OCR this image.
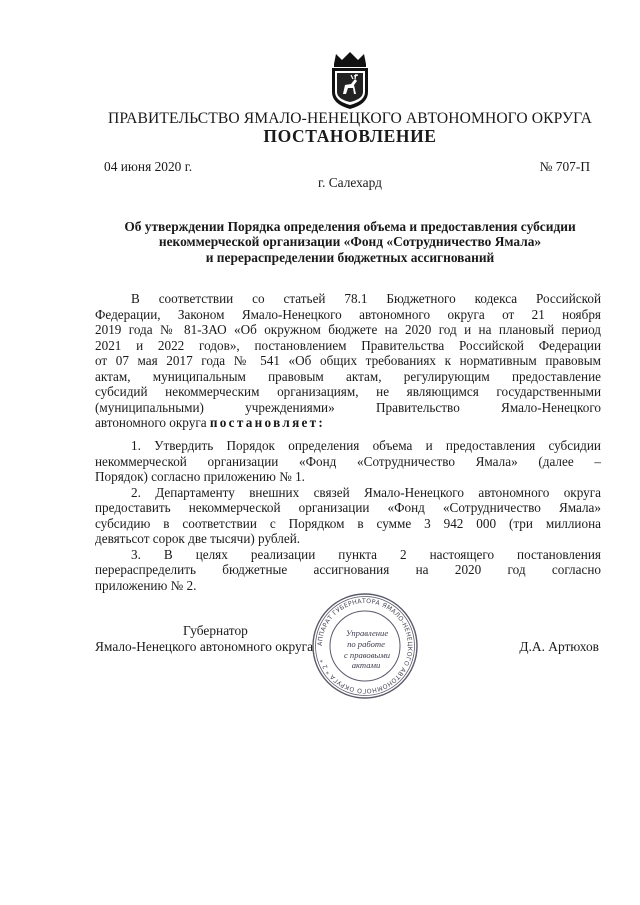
ПРАВИТЕЛЬСТВО ЯМАЛО-НЕНЕЦКОГО АВТОНОМНОГО ОКРУГА
ПОСТАНОВЛЕНИЕ
04 июня 2020 г.	№ 707-П
г. Салехард
Об утверждении Порядка определения объема и предоставления субсидии
некоммерческой организации «Фонд «Сотрудничество Ямала»
и перераспределении бюджетных ассигнований
В соответствии со статьей 78.1 Бюджетного кодекса Российской
Федерации, Законом Ямало-Ненецкого автономного округа от 21 ноября
2019 года № 81-ЗАО «Об окружном бюджете на 2020 год и на плановый период
2021 и 2022 годов», постановлением Правительства Российской Федерации
от 07 мая 2017 года № 541 «Об общих требованиях к нормативным правовым
актам, муниципальным правовым актам, регулирующим предоставление
субсидий некоммерческим организациям, не являющимся государственными
(муниципальными) учреждениями» Правительство Ямало-Ненецкого
автономного округа постановляет:
1. Утвердить Порядок определения объема и предоставления субсидии
некоммерческой организации «Фонд «Сотрудничество Ямала» (далее –
Порядок) согласно приложению № 1.
2. Департаменту внешних связей Ямало-Ненецкого автономного округа
предоставить некоммерческой организации «Фонд «Сотрудничество Ямала»
субсидию в соответствии с Порядком в сумме 3 942 000 (три миллиона
девятьсот сорок две тысячи) рублей.
3. В целях реализации пункта 2 настоящего постановления
перераспределить бюджетные ассигнования на 2020 год согласно
приложению № 2.
Губернатор
Ямало-Ненецкого автономного округа	Д.А. Артюхов
АППАРАТ ГУБЕРНАТОРА ЯМАЛО-НЕНЕЦКОГО АВТОНОМНОГО ОКРУГА * 2 *
Управление
по работе
с правовыми
актами
